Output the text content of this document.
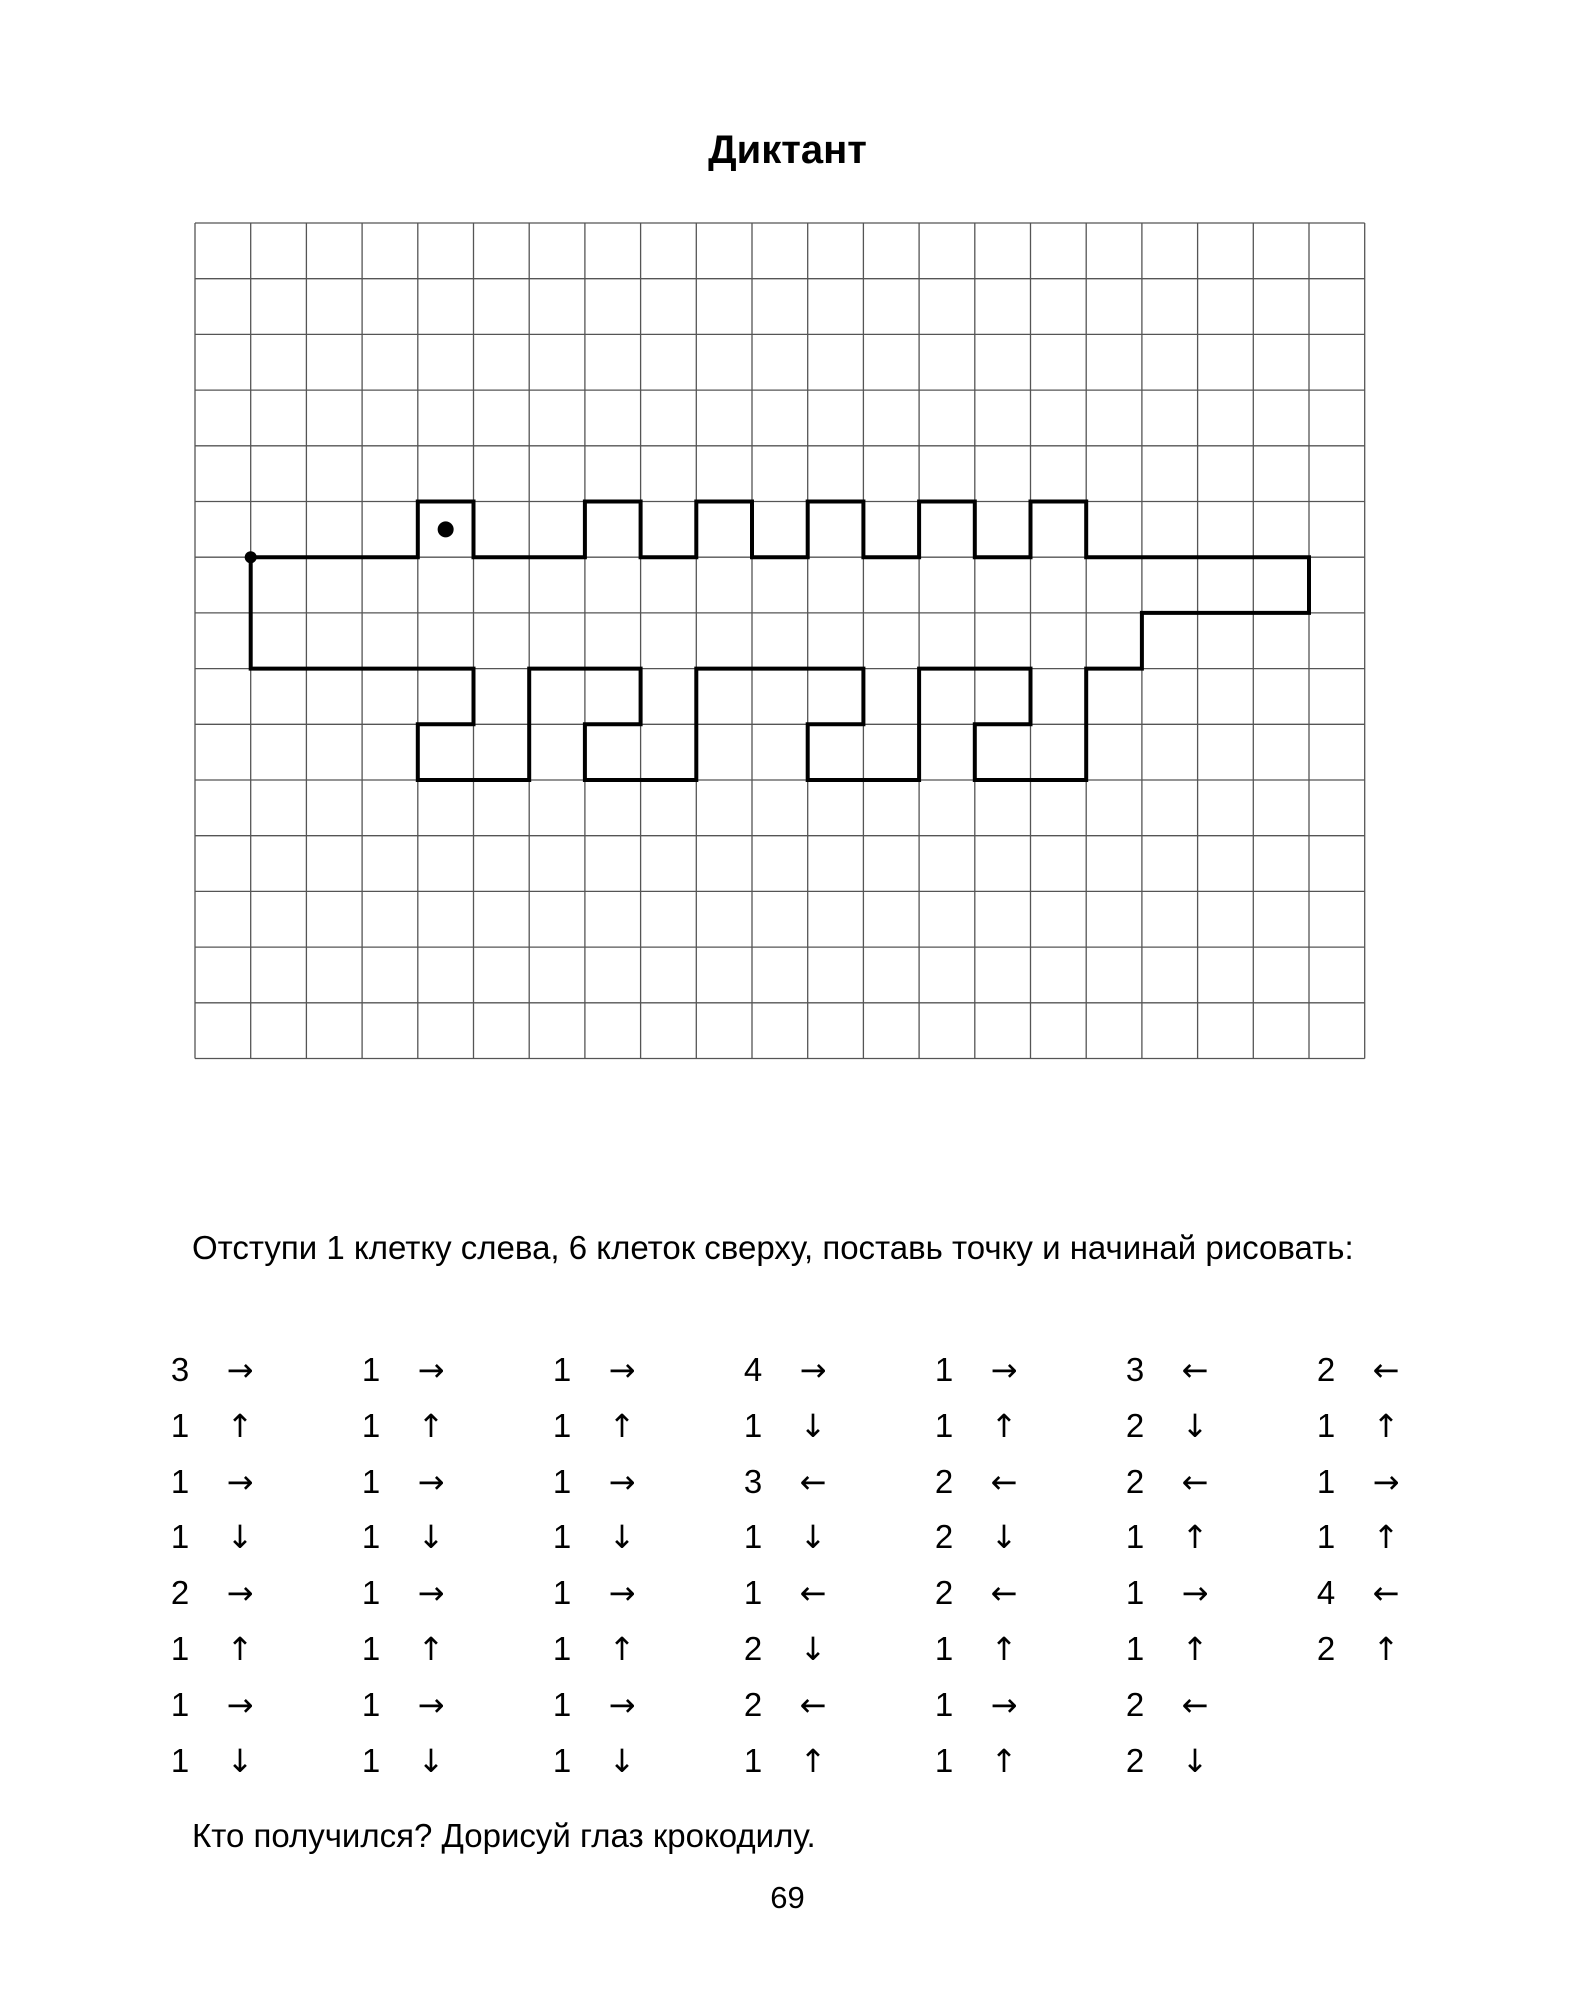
Диктант
Отступи 1 клетку слева, 6 клеток сверху, поставь точку и начинай рисовать:
3	→
1	↑
1	→
1	↓
2	→
1	↑
1	→
1	↓
1	→
1	↑
1	→
1	↓
1	→
1	↑
1	→
1	↓
1	→
1	↑
1	→
1	↓
1	→
1	↑
1	→
1	↓
4	→
1	↓
3	←
1	↓
1	←
2	↓
2	←
1	↑
1	→
1	↑
2	←
2	↓
2	←
1	↑
1	→
1	↑
3	←
2	↓
2	←
1	↑
1	→
1	↑
2	←
2	↓
2	←
1	↑
1	→
1	↑
4	←
2	↑
Кто получился? Дорисуй глаз крокодилу.
69
